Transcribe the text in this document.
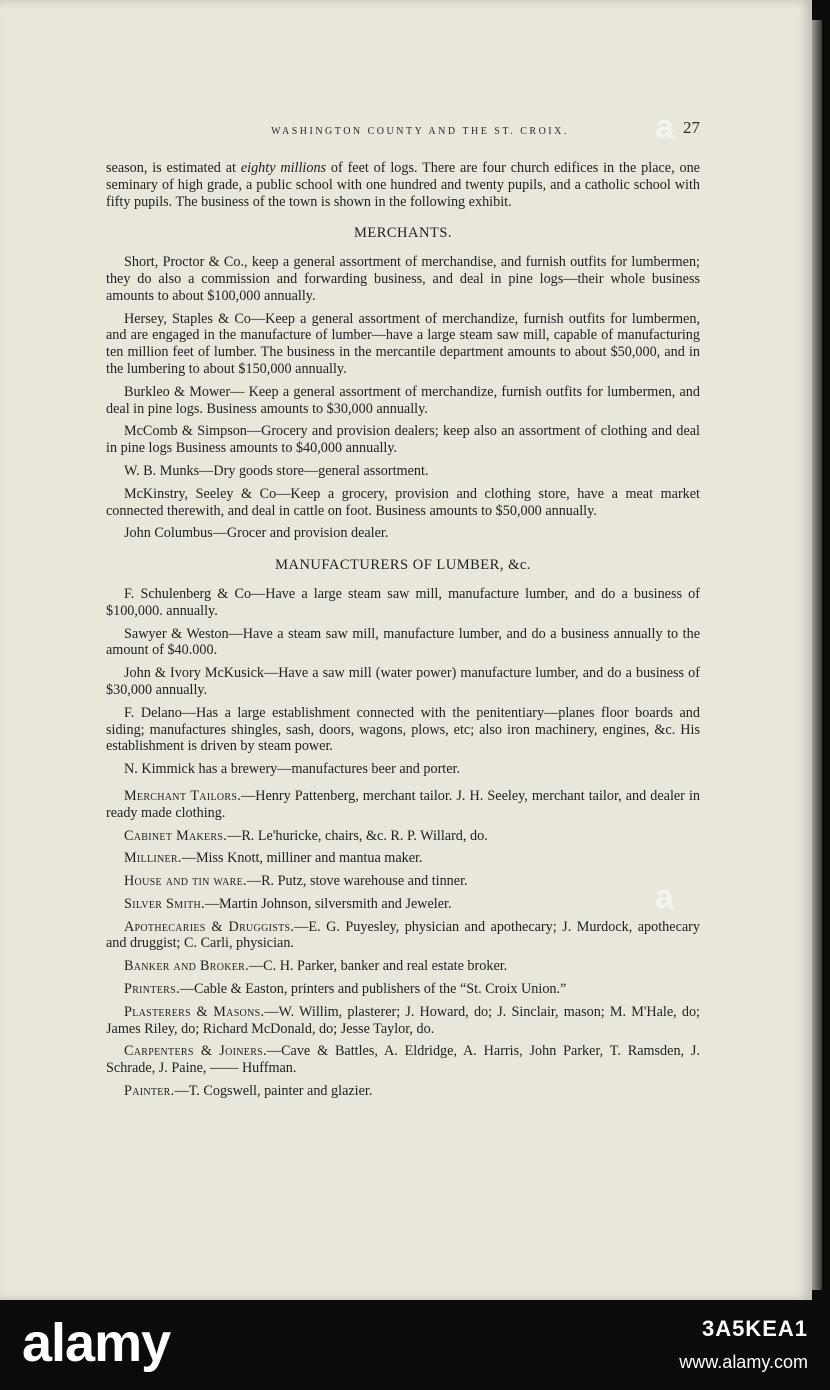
WASHINGTON COUNTY AND THE ST. CROIX.	27

season, is estimated at eighty millions of feet of logs. There are four church edifices in the place, one seminary of high grade, a public school with one hundred and twenty pupils, and a catholic school with fifty pupils. The business of the town is shown in the following exhibit.

MERCHANTS.

Short, Proctor & Co., keep a general assortment of merchandise, and furnish outfits for lumbermen; they do also a commission and forwarding business, and deal in pine logs—their whole business amounts to about $100,000 annually.

Hersey, Staples & Co—Keep a general assortment of merchandize, furnish outfits for lumbermen, and are engaged in the manufacture of lumber—have a large steam saw mill, capable of manufacturing ten million feet of lumber. The business in the mercantile department amounts to about $50,000, and in the lumbering to about $150,000 annually.

Burkleo & Mower— Keep a general assortment of merchandize, furnish outfits for lumbermen, and deal in pine logs. Business amounts to $30,000 annually.

McComb & Simpson—Grocery and provision dealers; keep also an assortment of clothing and deal in pine logs Business amounts to $40,000 annually.

W. B. Munks—Dry goods store—general assortment.

McKinstry, Seeley & Co—Keep a grocery, provision and clothing store, have a meat market connected therewith, and deal in cattle on foot. Business amounts to $50,000 annually.

John Columbus—Grocer and provision dealer.

MANUFACTURERS OF LUMBER, &c.

F. Schulenberg & Co—Have a large steam saw mill, manufacture lumber, and do a business of $100,000. annually.

Sawyer & Weston—Have a steam saw mill, manufacture lumber, and do a business annually to the amount of $40.000.

John & Ivory McKusick—Have a saw mill (water power) manufacture lumber, and do a business of $30,000 annually.

F. Delano—Has a large establishment connected with the penitentiary—planes floor boards and siding; manufactures shingles, sash, doors, wagons, plows, etc; also iron machinery, engines, &c. His establishment is driven by steam power.

N. Kimmick has a brewery—manufactures beer and porter.

Merchant Tailors.—Henry Pattenberg, merchant tailor. J. H. Seeley, merchant tailor, and dealer in ready made clothing.

Cabinet Makers.—R. Le'huricke, chairs, &c. R. P. Willard, do.

Milliner.—Miss Knott, milliner and mantua maker.

House and tin ware.—R. Putz, stove warehouse and tinner.

Silver Smith.—Martin Johnson, silversmith and Jeweler.

Apothecaries & Druggists.—E. G. Puyesley, physician and apothecary; J. Murdock, apothecary and druggist; C. Carli, physician.

Banker and Broker.—C. H. Parker, banker and real estate broker.

Printers.—Cable & Easton, printers and publishers of the “St. Croix Union.”

Plasterers & Masons.—W. Willim, plasterer; J. Howard, do; J. Sinclair, mason; M. M'Hale, do; James Riley, do; Richard McDonald, do; Jesse Taylor, do.

Carpenters & Joiners.—Cave & Battles, A. Eldridge, A. Harris, John Parker, T. Ramsden, J. Schrade, J. Paine, —— Huffman.

Painter.—T. Cogswell, painter and glazier.

a
a
alamy	3A5KEA1
www.alamy.com
